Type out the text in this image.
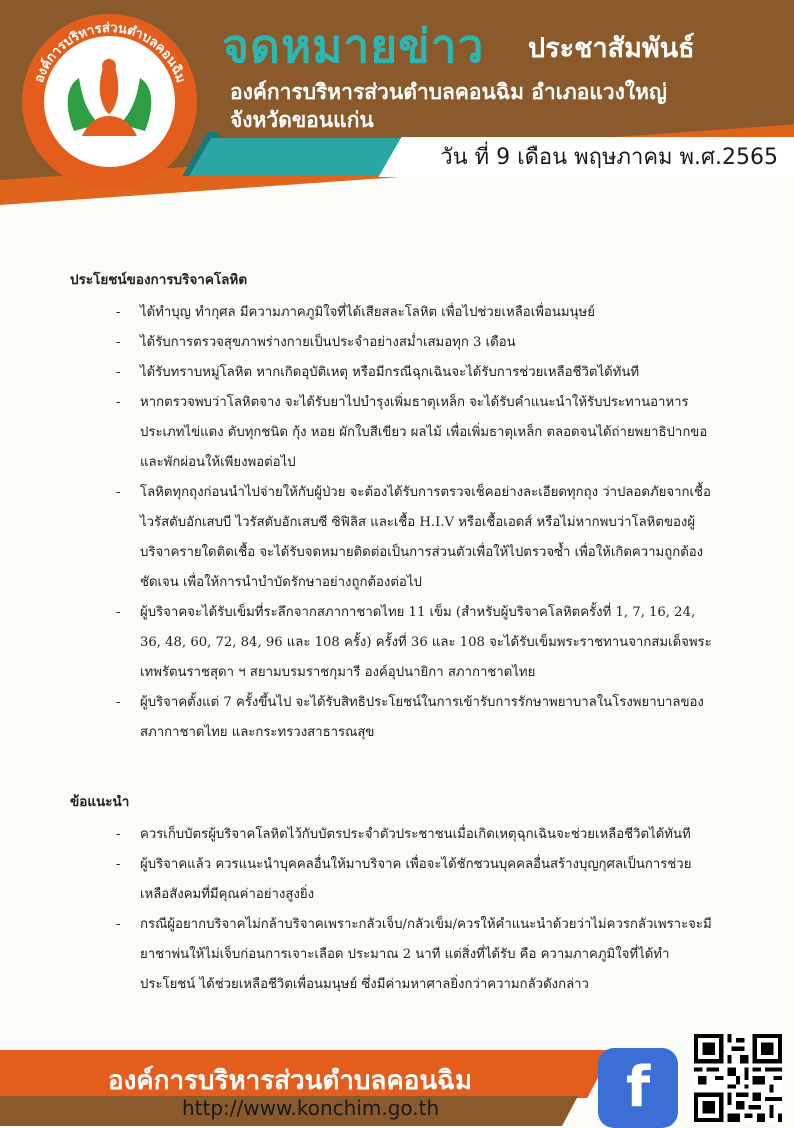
วัน ที่ 9 เดือน พฤษภาคม พ.ศ.2565
องค์การบริหารส่วนตำบลคอนฉิม
อ.แวงใหญ่ จ.ขอนแก่น
จดหมายข่าว ประชาสัมพันธ์
องค์การบริหารส่วนตำบลคอนฉิม อำเภอแวงใหญ่
จังหวัดขอนแก่น
ประโยชน์ของการบริจาคโลหิต
- ได้ทำบุญ ทำกุศล มีความภาคภูมิใจที่ได้เสียสละโลหิต เพื่อไปช่วยเหลือเพื่อนมนุษย์
- ได้รับการตรวจสุขภาพร่างกายเป็นประจำอย่างสม่ำเสมอทุก 3 เดือน
- ได้รับทราบหมู่โลหิต หากเกิดอุบัติเหตุ หรือมีกรณีฉุกเฉินจะได้รับการช่วยเหลือชีวิตได้ทันที
- หากตรวจพบว่าโลหิตจาง จะได้รับยาไปบำรุงเพิ่มธาตุเหล็ก จะได้รับคำแนะนำให้รับประทานอาหารประเภทไข่แดง ตับทุกชนิด กุ้ง หอย ผักใบสีเขียว ผลไม้ เพื่อเพิ่มธาตุเหล็ก ตลอดจนได้ถ่ายพยาธิปากขอ และพักผ่อนให้เพียงพอต่อไป
- โลหิตทุกถุงก่อนนำไปจ่ายให้กับผู้ป่วย จะต้องได้รับการตรวจเช็คอย่างละเอียดทุกถุง ว่าปลอดภัยจากเชื้อไวรัสตับอักเสบบี ไวรัสตับอักเสบซี ซิฟิลิส และเชื้อ H.I.V หรือเชื้อเอดส์ หรือไม่หากพบว่าโลหิตของผู้บริจาครายใดติดเชื้อ จะได้รับจดหมายติดต่อเป็นการส่วนตัวเพื่อให้ไปตรวจซ้ำ เพื่อให้เกิดความถูกต้องชัดเจน เพื่อให้การนำบำบัดรักษาอย่างถูกต้องต่อไป
- ผู้บริจาคจะได้รับเข็มที่ระลึกจากสภากาชาดไทย 11 เข็ม (สำหรับผู้บริจาคโลหิตครั้งที่ 1, 7, 16, 24, 36, 48, 60, 72, 84, 96 และ 108 ครั้ง) ครั้งที่ 36 และ 108 จะได้รับเข็มพระราชทานจากสมเด็จพระเทพรัตนราชสุดา ฯ สยามบรมราชกุมารี องค์อุปนายิกา สภากาชาดไทย
- ผู้บริจาคตั้งแต่ 7 ครั้งขึ้นไป จะได้รับสิทธิประโยชน์ในการเข้ารับการรักษาพยาบาลในโรงพยาบาลของสภากาชาดไทย และกระทรวงสาธารณสุข
ข้อแนะนำ
- ควรเก็บบัตรผู้บริจาคโลหิตไว้กับบัตรประจำตัวประชาชนเมื่อเกิดเหตุฉุกเฉินจะช่วยเหลือชีวิตได้ทันที
- ผู้บริจาคแล้ว ควรแนะนำบุคคลอื่นให้มาบริจาค เพื่อจะได้ชักชวนบุคคลอื่นสร้างบุญกุศลเป็นการช่วยเหลือสังคมที่มีคุณค่าอย่างสูงยิ่ง
- กรณีผู้อยากบริจาคไม่กล้าบริจาคเพราะกลัวเจ็บ/กลัวเข็ม/ควรให้คำแนะนำด้วยว่าไม่ควรกลัวเพราะจะมียาชาพ่นให้ไม่เจ็บก่อนการเจาะเลือด ประมาณ 2 นาที แต่สิ่งที่ได้รับ คือ ความภาคภูมิใจที่ได้ทำประโยชน์ ได้ช่วยเหลือชีวิตเพื่อนมนุษย์ ซึ่งมีค่ามหาศาลยิ่งกว่าความกลัวดังกล่าว
องค์การบริหารส่วนตำบลคอนฉิม
http://www.konchim.go.th	f
